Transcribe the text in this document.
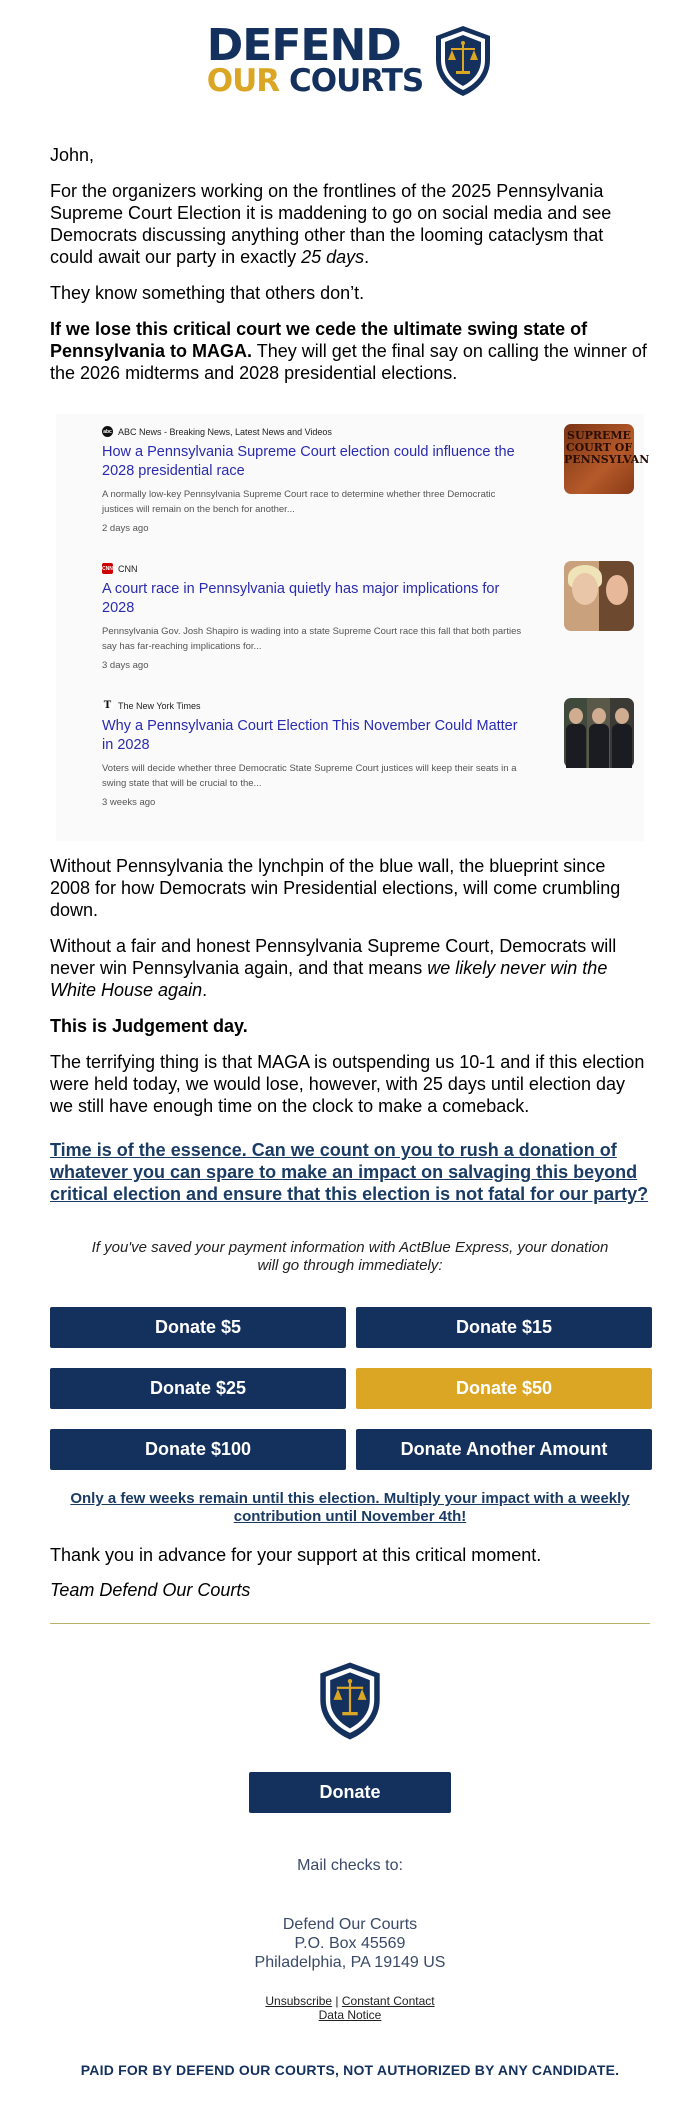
DEFEND
OUR COURTS

John,

For the organizers working on the frontlines of the 2025 Pennsylvania Supreme Court Election it is maddening to go on social media and see Democrats discussing anything other than the looming cataclysm that could await our party in exactly 25 days.

They know something that others don’t.

If we lose this critical court we cede the ultimate swing state of Pennsylvania to MAGA. They will get the final say on calling the winner of the 2026 midterms and 2028 presidential elections.

abc ABC News - Breaking News, Latest News and Videos
How a Pennsylvania Supreme Court election could influence the 2028 presidential race
A normally low-key Pennsylvania Supreme Court race to determine whether three Democratic justices will remain on the bench for another...
2 days ago
SUPREME COURT OF PENNSYLVAN
CNN CNN
A court race in Pennsylvania quietly has major implications for 2028
Pennsylvania Gov. Josh Shapiro is wading into a state Supreme Court race this fall that both parties say has far-reaching implications for...
3 days ago
T The New York Times
Why a Pennsylvania Court Election This November Could Matter in 2028
Voters will decide whether three Democratic State Supreme Court justices will keep their seats in a swing state that will be crucial to the...
3 weeks ago

Without Pennsylvania the lynchpin of the blue wall, the blueprint since 2008 for how Democrats win Presidential elections, will come crumbling down.

Without a fair and honest Pennsylvania Supreme Court, Democrats will never win Pennsylvania again, and that means we likely never win the White House again.

This is Judgement day.

The terrifying thing is that MAGA is outspending us 10-1 and if this election were held today, we would lose, however, with 25 days until election day we still have enough time on the clock to make a comeback.

Time is of the essence. Can we count on you to rush a donation of whatever you can spare to make an impact on salvaging this beyond critical election and ensure that this election is not fatal for our party?

If you've saved your payment information with ActBlue Express, your donation will go through immediately:

Donate $5	Donate $15
Donate $25	Donate $50
Donate $100	Donate Another Amount
Only a few weeks remain until this election. Multiply your impact with a weekly contribution until November 4th!

Thank you in advance for your support at this critical moment.

Team Defend Our Courts

Donate
Mail checks to:
Defend Our Courts
P.O. Box 45569
Philadelphia, PA 19149 US
Unsubscribe | Constant Contact
Data Notice
PAID FOR BY DEFEND OUR COURTS, NOT AUTHORIZED BY ANY CANDIDATE.
